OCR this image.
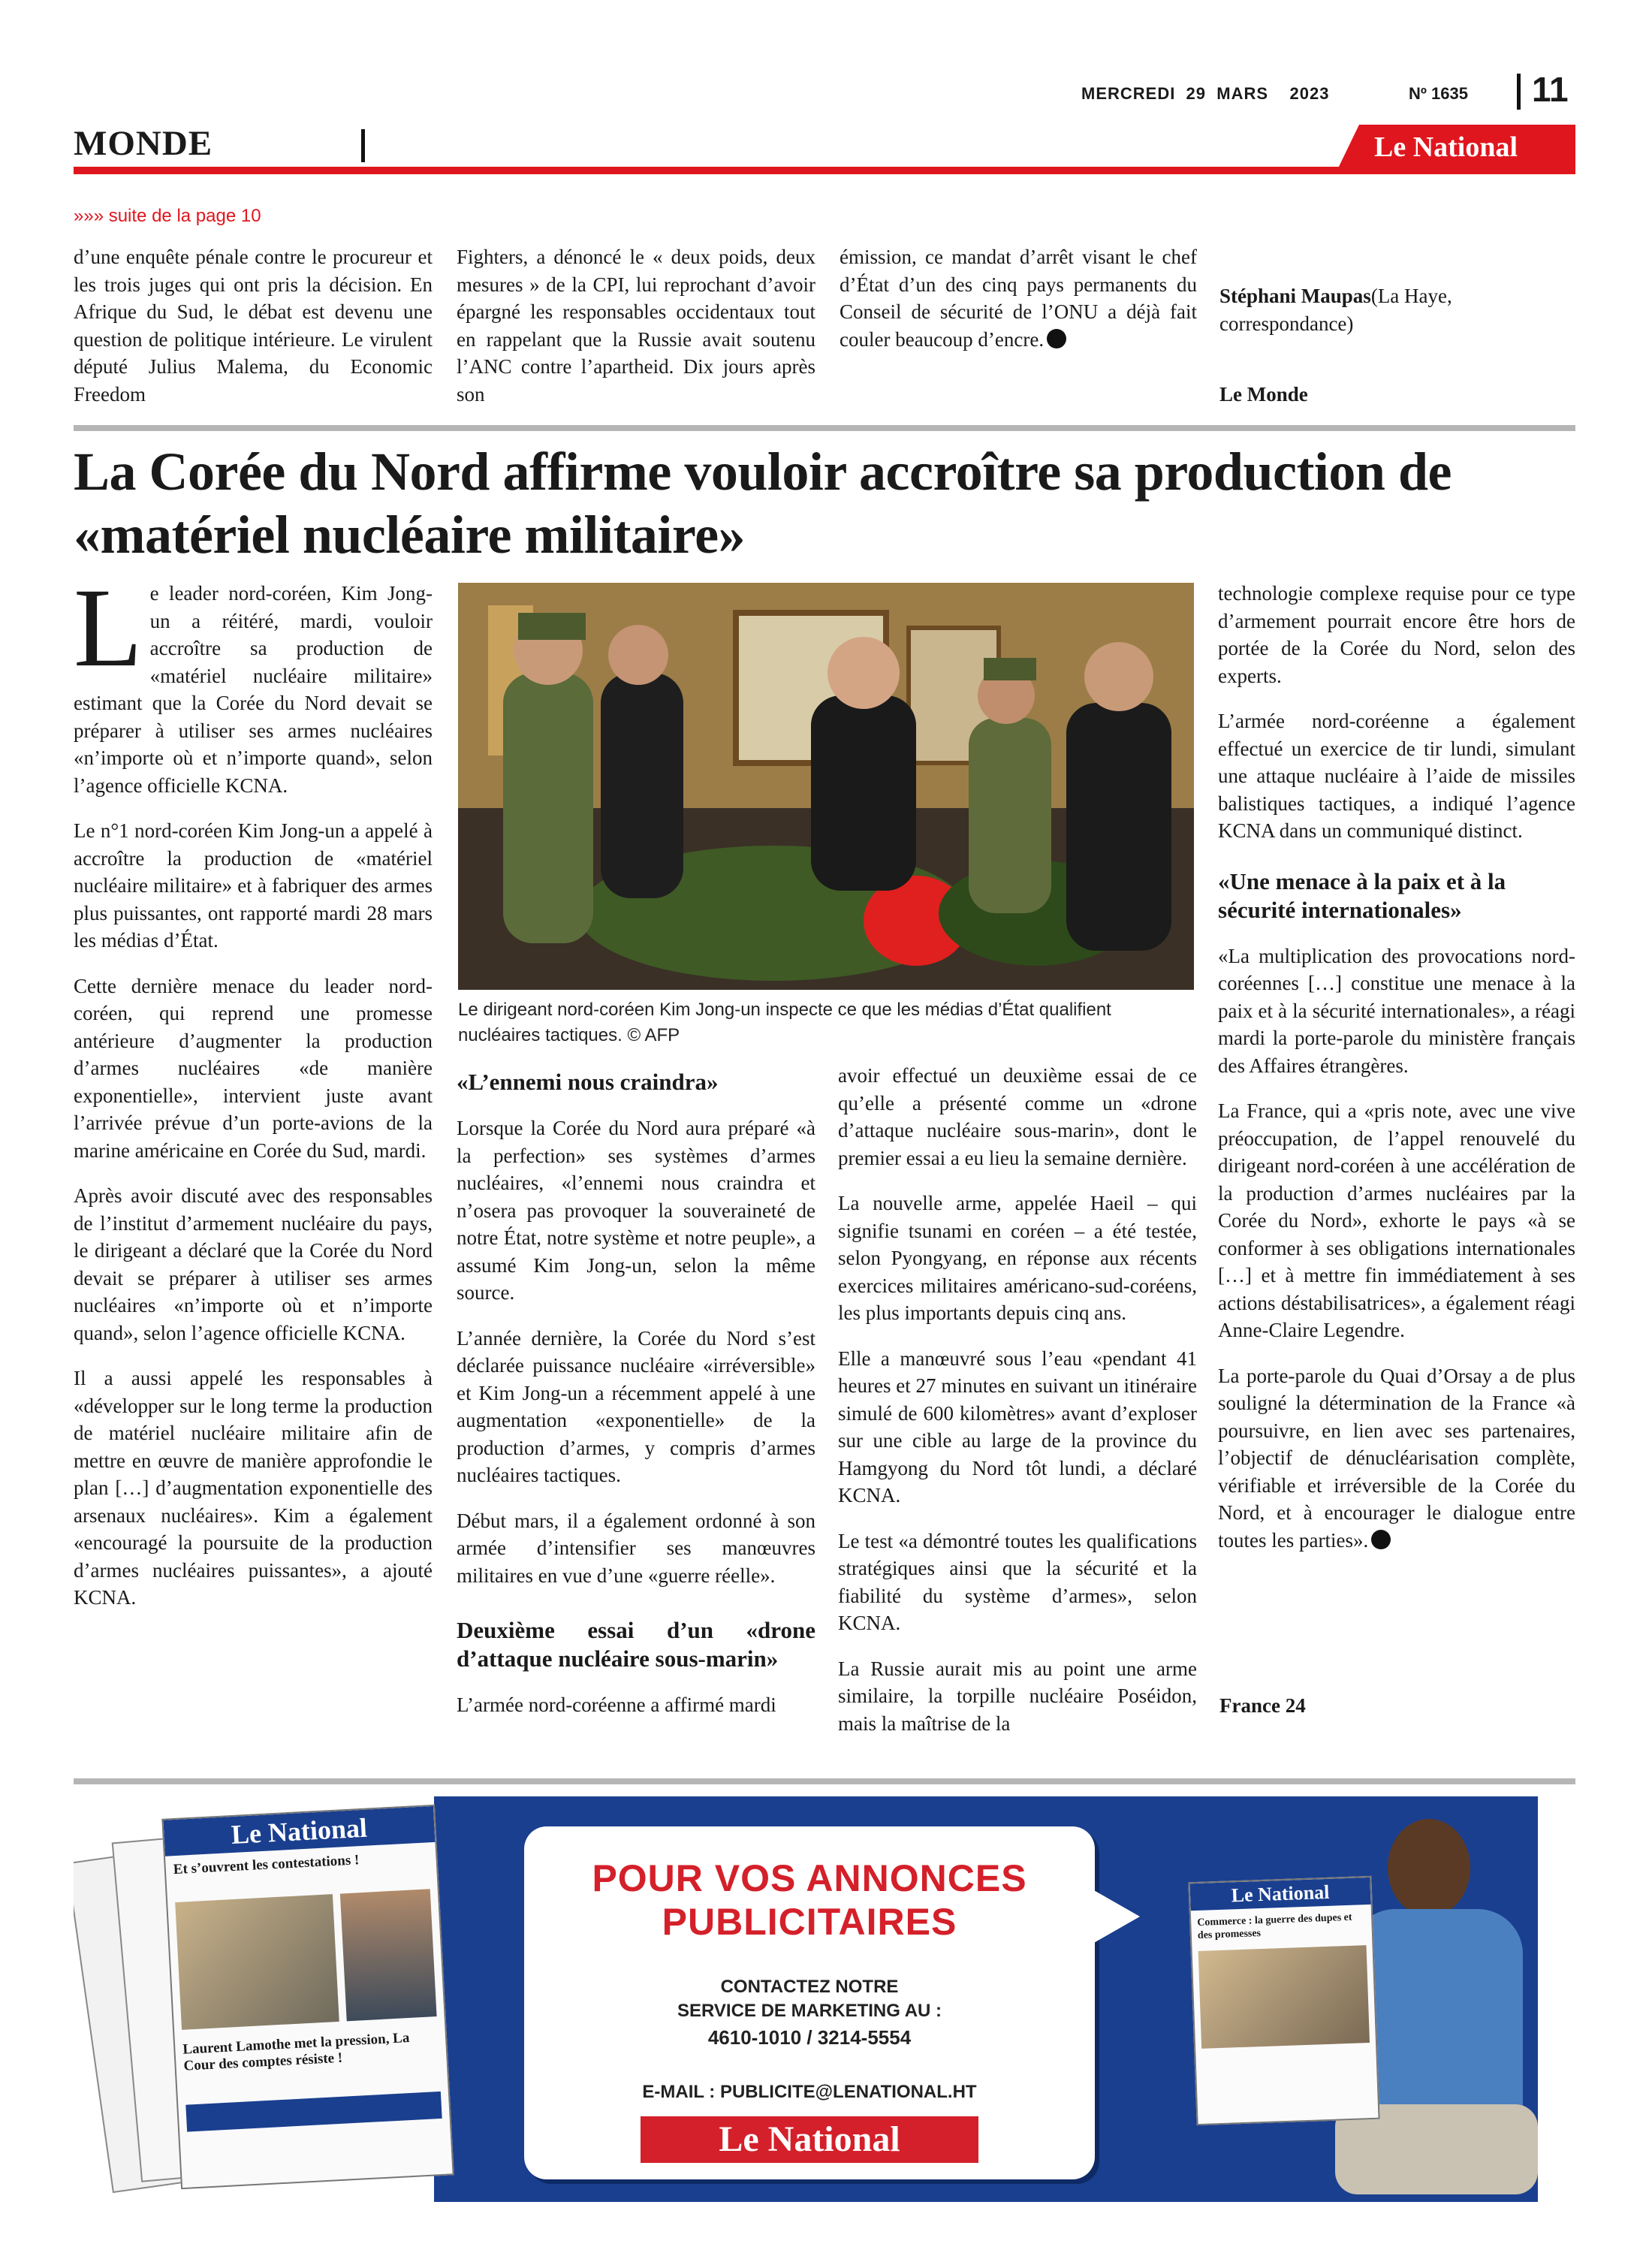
MERCREDI  29  MARS    2023	Nº 1635 11
MONDE	Le National
»»» suite de la page 10
d’une enquête pénale contre le procureur et les trois juges qui ont pris la décision. En Afrique du Sud, le débat est devenu une question de politique intérieure. Le virulent député Julius Malema, du Economic Freedom
Fighters, a dénoncé le « deux poids, deux mesures » de la CPI, lui reprochant d’avoir épargné les responsables occidentaux tout en rappelant que la Russie avait soutenu l’ANC contre l’apartheid. Dix jours après son
émission, ce mandat d’arrêt visant le chef d’État d’un des cinq pays permanents du Conseil de sécurité de l’ONU a déjà fait couler beaucoup d’encre.
Stéphani Maupas(La Haye, correspondance)
Le Monde
La Corée du Nord affirme vouloir accroître sa production de «matériel nucléaire militaire»

Le leader nord-coréen, Kim Jong-un a réitéré, mardi, vouloir accroître sa production de «matériel nucléaire militaire» estimant que la Corée du Nord devait se préparer à utiliser ses armes nucléaires «n’importe où et n’importe quand», selon l’agence officielle KCNA.

Le n°1 nord-coréen Kim Jong-un a appelé à accroître la production de «matériel nucléaire militaire» et à fabriquer des armes plus puissantes, ont rapporté mardi 28 mars les médias d’État.

Cette dernière menace du leader nord-coréen, qui reprend une promesse antérieure d’augmenter la production d’armes nucléaires «de manière exponentielle», intervient juste avant l’arrivée prévue d’un porte-avions de la marine américaine en Corée du Sud, mardi.

Après avoir discuté avec des responsables de l’institut d’armement nucléaire du pays, le dirigeant a déclaré que la Corée du Nord devait se préparer à utiliser ses armes nucléaires «n’importe où et n’importe quand», selon l’agence officielle KCNA.

Il a aussi appelé les responsables à «développer sur le long terme la production de matériel nucléaire militaire afin de mettre en œuvre de manière approfondie le plan […] d’augmentation exponentielle des arsenaux nucléaires». Kim a également «encouragé la poursuite de la production d’armes nucléaires puissantes», a ajouté KCNA.

Le dirigeant nord-coréen Kim Jong-un inspecte ce que les médias d’État qualifient nucléaires tactiques. © AFP

«L’ennemi nous craindra»

Lorsque la Corée du Nord aura préparé «à la perfection» ses systèmes d’armes nucléaires, «l’ennemi nous craindra et n’osera pas provoquer la souveraineté de notre État, notre système et notre peuple», a assumé Kim Jong-un, selon la même source.

L’année dernière, la Corée du Nord s’est déclarée puissance nucléaire «irréversible» et Kim Jong-un a récemment appelé à une augmentation «exponentielle» de la production d’armes, y compris d’armes nucléaires tactiques.

Début mars, il a également ordonné à son armée d’intensifier ses manœuvres militaires en vue d’une «guerre réelle».

Deuxième essai d’un «drone d’attaque nucléaire sous-marin»

L’armée nord-coréenne a affirmé mardi

avoir effectué un deuxième essai de ce qu’elle a présenté comme un «drone d’attaque nucléaire sous-marin», dont le premier essai a eu lieu la semaine dernière.

La nouvelle arme, appelée Haeil – qui signifie tsunami en coréen – a été testée, selon Pyongyang, en réponse aux récents exercices militaires américano-sud-coréens, les plus importants depuis cinq ans.

Elle a manœuvré sous l’eau «pendant 41 heures et 27 minutes en suivant un itinéraire simulé de 600 kilomètres» avant d’exploser sur une cible au large de la province du Hamgyong du Nord tôt lundi, a déclaré KCNA.

Le test «a démontré toutes les qualifications stratégiques ainsi que la sécurité et la fiabilité du système d’armes», selon KCNA.

La Russie aurait mis au point une arme similaire, la torpille nucléaire Poséidon, mais la maîtrise de la

technologie complexe requise pour ce type d’armement pourrait encore être hors de portée de la Corée du Nord, selon des experts.

L’armée nord-coréenne a également effectué un exercice de tir lundi, simulant une attaque nucléaire à l’aide de missiles balistiques tactiques, a indiqué l’agence KCNA dans un communiqué distinct.

«Une menace à la paix et à la sécurité internationales»

«La multiplication des provocations nord-coréennes […] constitue une menace à la paix et à la sécurité internationales», a réagi mardi la porte-parole du ministère français des Affaires étrangères.

La France, qui a «pris note, avec une vive préoccupation, de l’appel renouvelé du dirigeant nord-coréen à une accélération de la production d’armes nucléaires par la Corée du Nord», exhorte le pays «à se conformer à ses obligations internationales […] et à mettre fin immédiatement à ses actions déstabilisatrices», a également réagi Anne-Claire Legendre.

La porte-parole du Quai d’Orsay a de plus souligné la détermination de la France «à poursuivre, en lien avec ses partenaires, l’objectif de dénucléarisation complète, vérifiable et irréversible de la Corée du Nord, et à encourager le dialogue entre toutes les parties».

France 24
Le National
Et s’ouvrent les contestations !
Laurent Lamothe met la pression, La Cour des comptes résiste !
POUR VOS ANNONCES PUBLICITAIRES
CONTACTEZ NOTRE
SERVICE DE MARKETING AU :
4610-1010 / 3214-5554
E-MAIL : PUBLICITE@LENATIONAL.HT
Le National
Le National
Commerce : la guerre des dupes et des promesses
